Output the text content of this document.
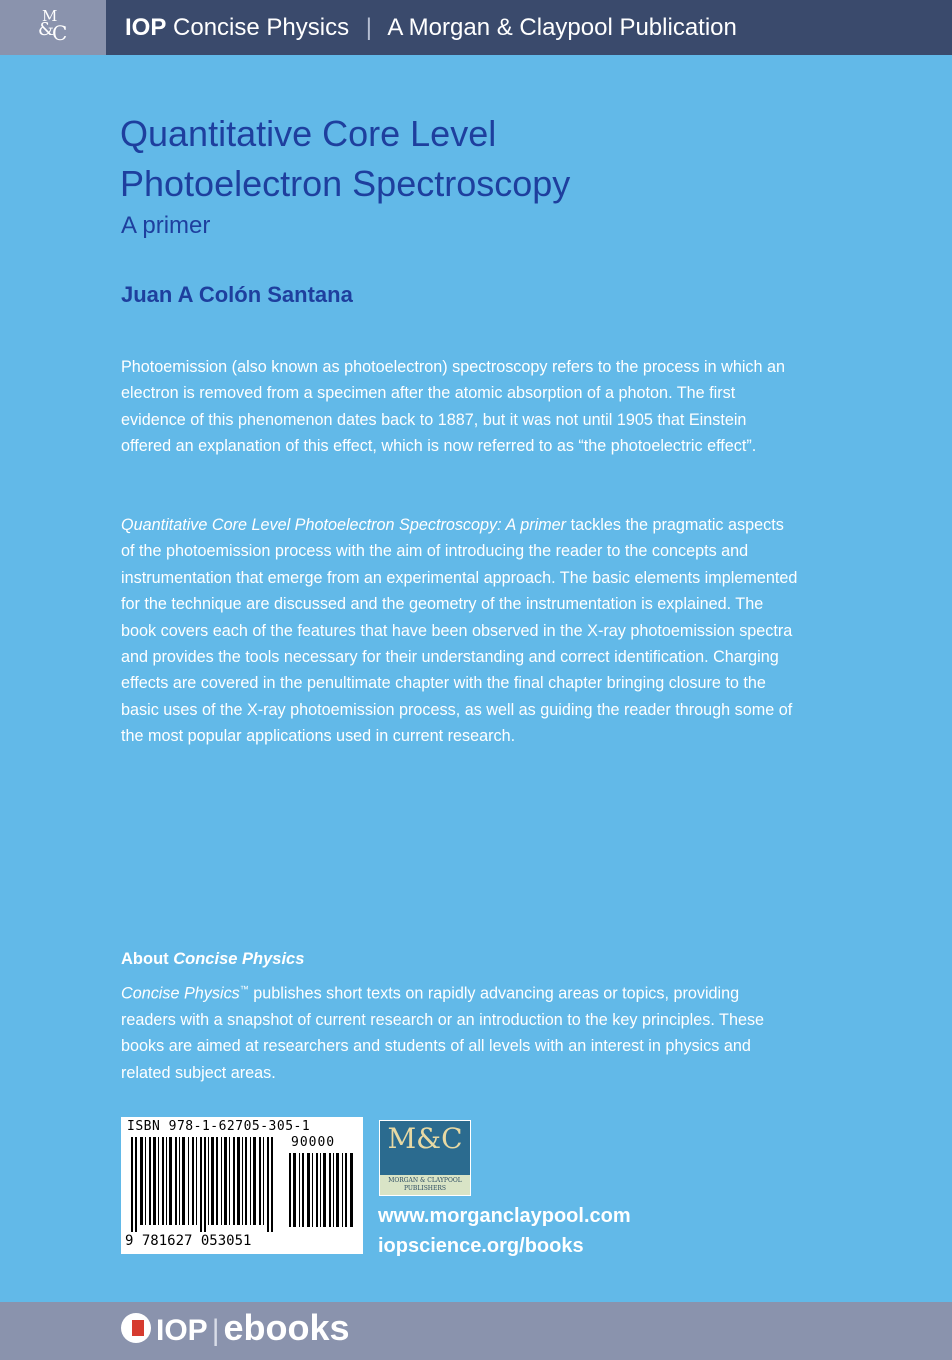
M
& C IOP Concise Physics | A Morgan & Claypool Publication
Quantitative Core Level
Photoelectron Spectroscopy
A primer
Juan A Colón Santana

Photoemission (also known as photoelectron) spectroscopy refers to the process in which an electron is removed from a specimen after the atomic absorption of a photon. The first evidence of this phenomenon dates back to 1887, but it was not until 1905 that Einstein offered an explanation of this effect, which is now referred to as “the photoelectric effect”.

Quantitative Core Level Photoelectron Spectroscopy: A primer tackles the pragmatic aspects of the photoemission process with the aim of introducing the reader to the concepts and instrumentation that emerge from an experimental approach. The basic elements implemented for the technique are discussed and the geometry of the instrumentation is explained. The book covers each of the features that have been observed in the X-ray photoemission spectra and provides the tools necessary for their understanding and correct identification. Charging effects are covered in the penultimate chapter with the final chapter bringing closure to the basic uses of the X-ray photoemission process, as well as guiding the reader through some of the most popular applications used in current research.

About Concise Physics

Concise Physics™ publishes short texts on rapidly advancing areas or topics, providing readers with a snapshot of current research or an introduction to the key principles. These books are aimed at researchers and students of all levels with an interest in physics and related subject areas.

ISBN 978-1-62705-305-1
90000
9 781627 053051
M&C
MORGAN & CLAYPOOL
PUBLISHERS
www.morganclaypool.com
iopscience.org/books
IOP | ebooks
